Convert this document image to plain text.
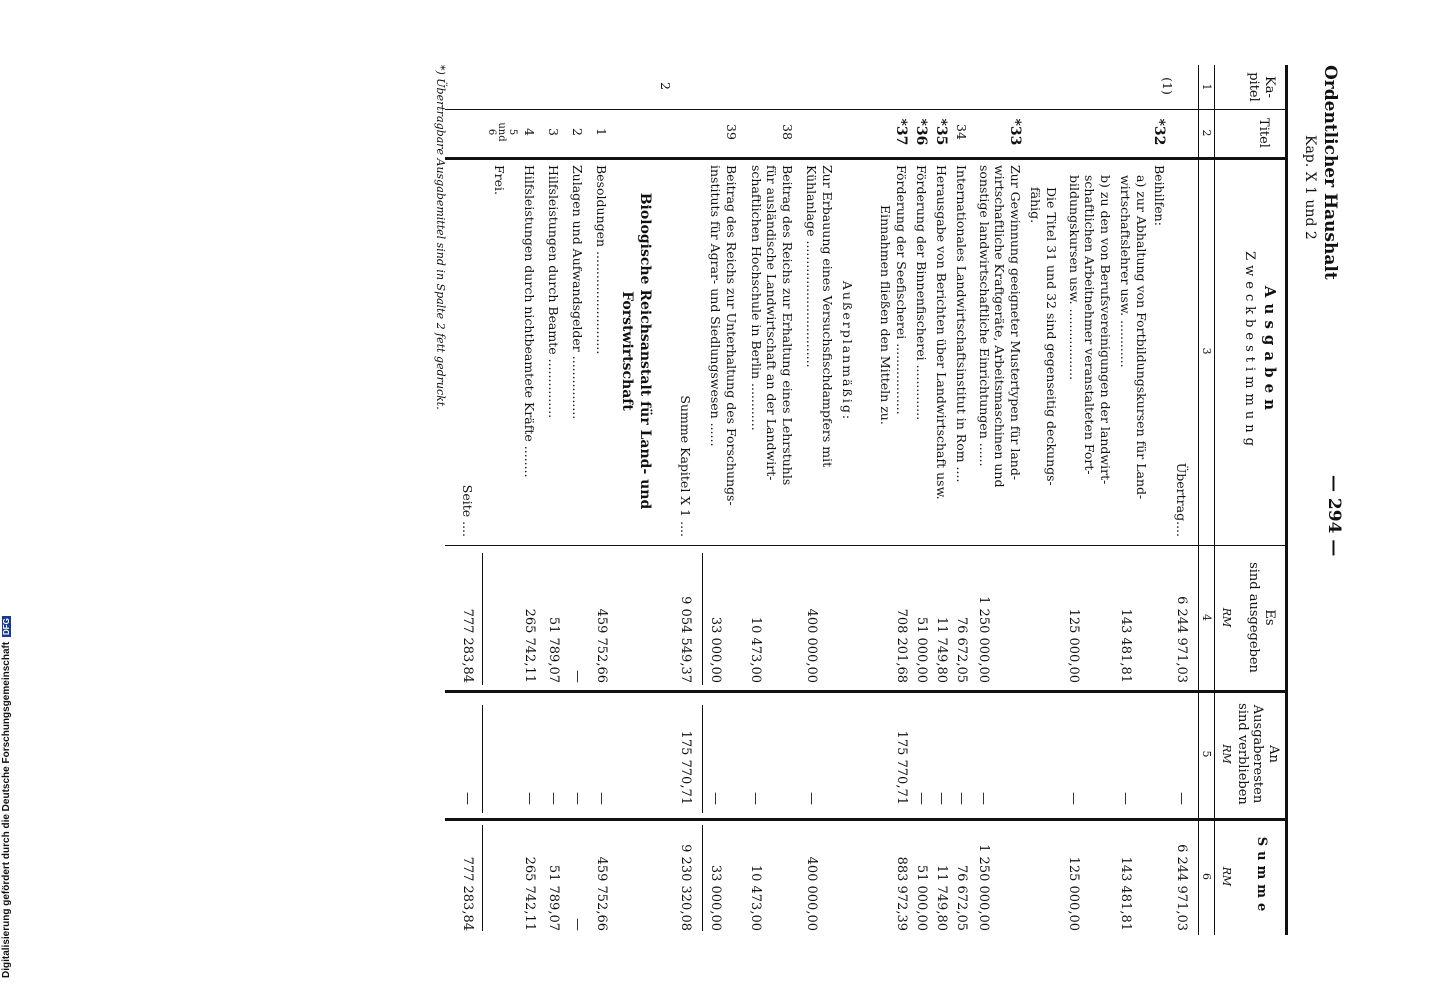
Ordentlicher Haushalt
Kap. X 1 und 2
— 294 —
Ka-
pitel
Titel
Ausgaben
Zweckbestimmung
Es
sind ausgegeben
An
Ausgaberesten
sind verblieben
Summe
RM
RM
RM
1
2
3
4
5
6
Übertrag....
6 244 971,03
—
6 244 971,03
(1)
*32
Beihilfen:
a) zur Abhaltung von Fortbildungskursen für Land-
wirtschaftslehrer usw. ............
143 481,81
—
143 481,81
b) zu den von Berufsvereinigungen der landwirt-
schaftlichen Arbeitnehmer veranstalteten Fort-
bildungskursen usw. ..................
125 000,00
—
125 000,00
Die Titel 31 und 32 sind gegenseitig deckungs-
fähig.
*33
Zur Gewinnung geeigneter Mustertypen für land-
wirtschaftliche Kraftgeräte, Arbeitsmaschinen und
sonstige landwirtschaftliche Einrichtungen ......
1 250 000,00
—
1 250 000,00
34
Internationales Landwirtschaftsinstitut in Rom ....
76 672,05
—
76 672,05
*35
Herausgabe von Berichten über Landwirtschaft usw.
11 749,80
—
11 749,80
*36
Förderung der Binnenfischerei ..............
51 000,00
—
51 000,00
*37
Förderung der Seefischerei ..................
708 201,68
175 770,71
883 972,39
Einnahmen fließen den Mitteln zu.
Außerplanmäßig:
Zur Erbauung eines Versuchsfischdampfers mit
Kühlanlage ................................
400 000,00
—
400 000,00
38
Beitrag des Reichs zur Erhaltung eines Lehrstuhls
für ausländische Landwirtschaft an der Landwirt-
schaftlichen Hochschule in Berlin ............
10 473,00
—
10 473,00
39
Beitrag des Reichs zur Unterhaltung des Forschungs-
instituts für Agrar- und Siedlungswesen ......
33 000,00
—
33 000,00
Summe Kapitel X 1 ....
9 054 549,37
175 770,71
9 230 320,08
2
Biologische Reichsanstalt für Land- und
Forstwirtschaft
1
Besoldungen ..........................
459 752,66
—
459 752,66
2
Zulagen und Aufwandsgelder ................
—
—
—
3
Hilfsleistungen durch Beamte ...............
51 789,07
—
51 789,07
4
Hilfsleistungen durch nichtbeamtete Kräfte ........
265 742,11
—
265 742,11
5
und
6
Frei.
Seite ....
777 283,84
—
777 283,84
*) Übertragbare Ausgabemittel sind in Spalte 2 fett gedruckt.
Digitalisierung gefördert durch die Deutsche Forschungsgemeinschaft DFG
